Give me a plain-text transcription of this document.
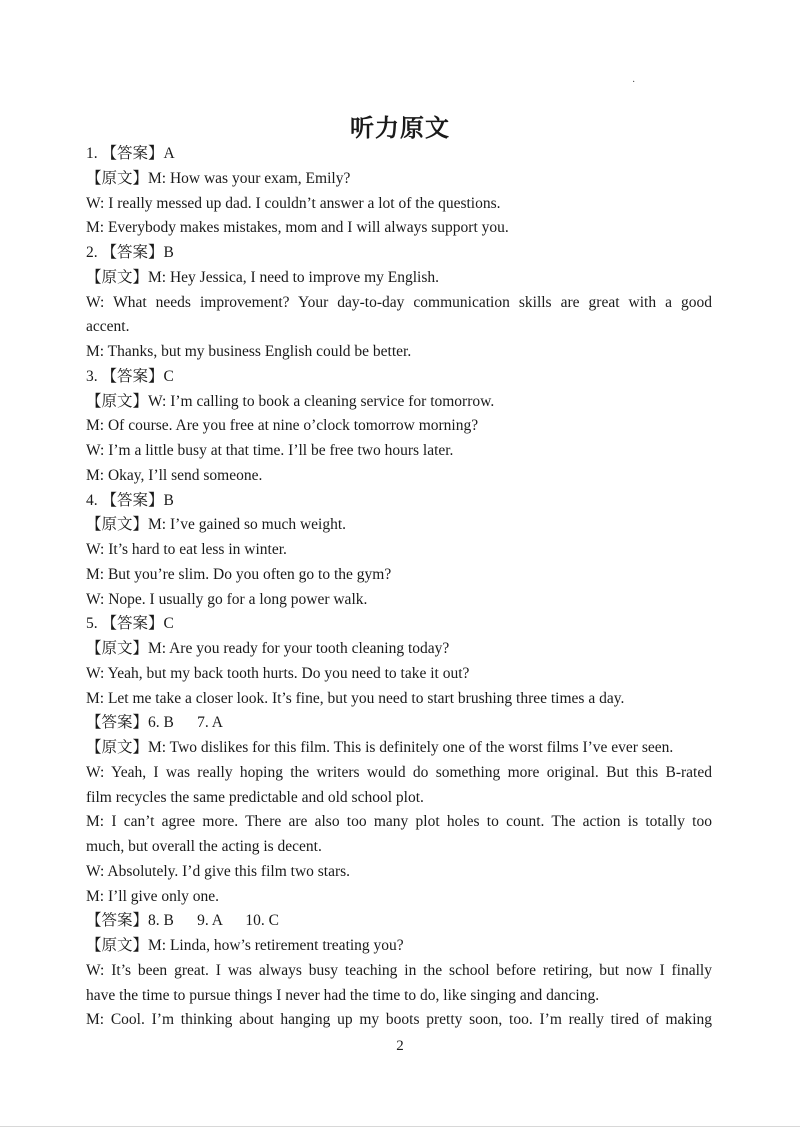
·
听力原文
1. 【答案】A
【原文】M: How was your exam, Emily?
W: I really messed up dad. I couldn’t answer a lot of the questions.
M: Everybody makes mistakes, mom and I will always support you.
2. 【答案】B
【原文】M: Hey Jessica, I need to improve my English.
W: What needs improvement? Your day-to-day communication skills are great with a good
accent.
M: Thanks, but my business English could be better.
3. 【答案】C
【原文】W: I’m calling to book a cleaning service for tomorrow.
M: Of course. Are you free at nine o’clock tomorrow morning?
W: I’m a little busy at that time. I’ll be free two hours later.
M: Okay, I’ll send someone.
4. 【答案】B
【原文】M: I’ve gained so much weight.
W: It’s hard to eat less in winter.
M: But you’re slim. Do you often go to the gym?
W: Nope. I usually go for a long power walk.
5. 【答案】C
【原文】M: Are you ready for your tooth cleaning today?
W: Yeah, but my back tooth hurts. Do you need to take it out?
M: Let me take a closer look. It’s fine, but you need to start brushing three times a day.
【答案】6. B      7. A
【原文】M: Two dislikes for this film. This is definitely one of the worst films I’ve ever seen.
W: Yeah, I was really hoping the writers would do something more original. But this B-rated
film recycles the same predictable and old school plot.
M: I can’t agree more. There are also too many plot holes to count. The action is totally too
much, but overall the acting is decent.
W: Absolutely. I’d give this film two stars.
M: I’ll give only one.
【答案】8. B      9. A      10. C
【原文】M: Linda, how’s retirement treating you?
W: It’s been great. I was always busy teaching in the school before retiring, but now I finally
have the time to pursue things I never had the time to do, like singing and dancing.
M: Cool. I’m thinking about hanging up my boots pretty soon, too. I’m really tired of making
2
